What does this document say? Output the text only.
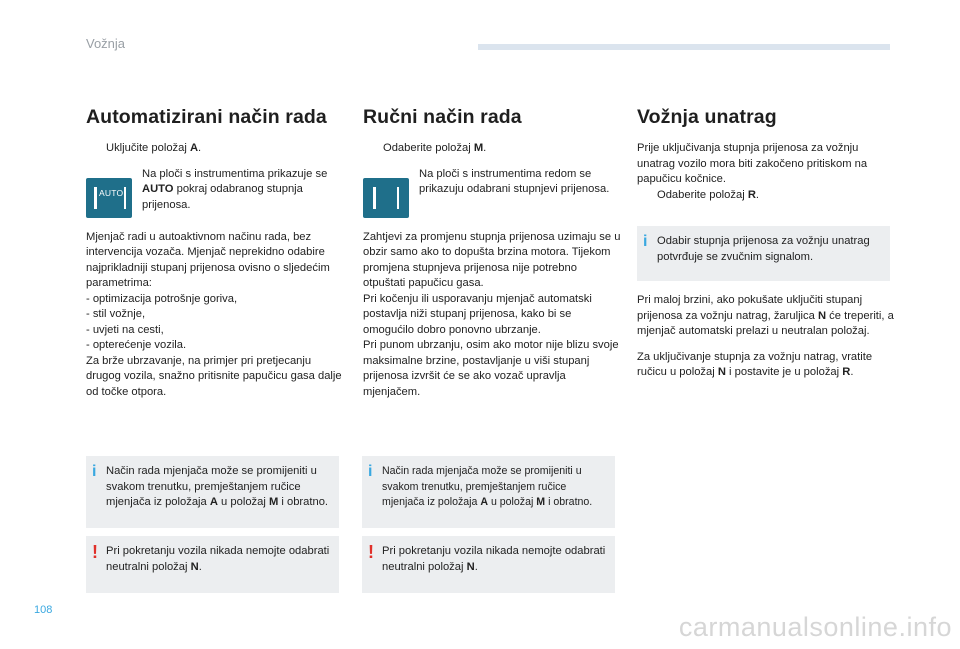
Vožnja
Automatizirani način rada
Uključite položaj A.
AUTO
Na ploči s instrumentima prikazuje se AUTO pokraj odabranog stupnja prijenosa.

Mjenjač radi u autoaktivnom načinu rada, bez intervencija vozača. Mjenjač neprekidno odabire najprikladniji stupanj prijenosa ovisno o sljedećim parametrima:

- optimizacija potrošnje goriva,
- stil vožnje,
- uvjeti na cesti,
- opterećenje vozila.

Za brže ubrzavanje, na primjer pri pretjecanju drugog vozila, snažno pritisnite papučicu gasa dalje od točke otpora.

i Način rada mjenjača može se promijeniti u svakom trenutku, premještanjem ručice mjenjača iz položaja A u položaj M i obratno.
! Pri pokretanju vozila nikada nemojte odabrati neutralni položaj N.
Ručni način rada
Odaberite položaj M.
Na ploči s instrumentima redom se prikazuju odabrani stupnjevi prijenosa.

Zahtjevi za promjenu stupnja prijenosa uzimaju se u obzir samo ako to dopušta brzina motora. Tijekom promjena stupnjeva prijenosa nije potrebno otpuštati papučicu gasa.

Pri kočenju ili usporavanju mjenjač automatski postavlja niži stupanj prijenosa, kako bi se omogućilo dobro ponovno ubrzanje.

Pri punom ubrzanju, osim ako motor nije blizu svoje maksimalne brzine, postavljanje u viši stupanj prijenosa izvršit će se ako vozač upravlja mjenjačem.

i Način rada mjenjača može se promijeniti u svakom trenutku, premještanjem ručice mjenjača iz položaja A u položaj M i obratno.
! Pri pokretanju vozila nikada nemojte odabrati neutralni položaj N.
Vožnja unatrag

Prije uključivanja stupnja prijenosa za vožnju unatrag vozilo mora biti zakočeno pritiskom na papučicu kočnice.

Odaberite položaj R.
i Odabir stupnja prijenosa za vožnju unatrag potvrđuje se zvučnim signalom.

Pri maloj brzini, ako pokušate uključiti stupanj prijenosa za vožnju natrag, žaruljica N će treperiti, a mjenjač automatski prelazi u neutralan položaj.

Za uključivanje stupnja za vožnju natrag, vratite ručicu u položaj N i postavite je u položaj R.

108
carmanualsonline.info
